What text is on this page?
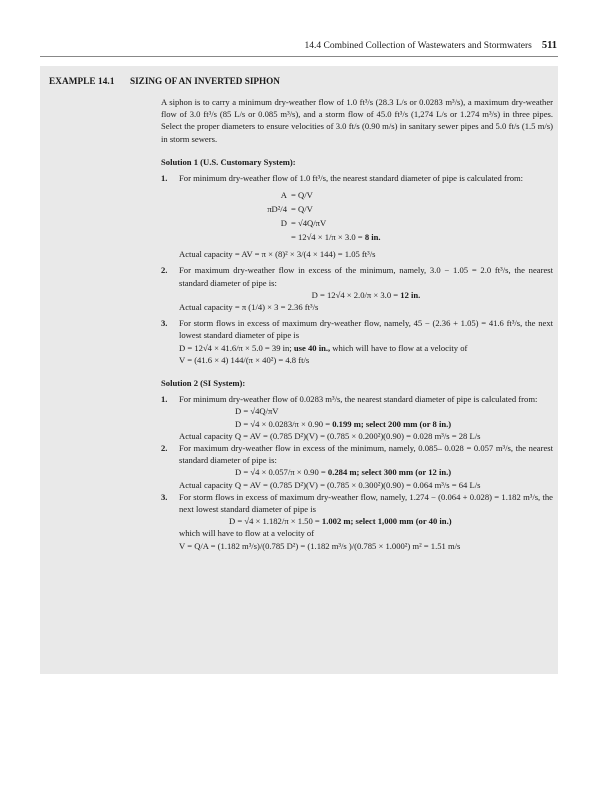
14.4 Combined Collection of Wastewaters and Stormwaters 511
EXAMPLE 14.1 SIZING OF AN INVERTED SIPHON

A siphon is to carry a minimum dry-weather flow of 1.0 ft³/s (28.3 L/s or 0.0283 m³/s), a maximum dry-weather flow of 3.0 ft³/s (85 L/s or 0.085 m³/s), and a storm flow of 45.0 ft³/s (1,274 L/s or 1.274 m³/s) in three pipes. Select the proper diameters to ensure velocities of 3.0 ft/s (0.90 m/s) in sanitary sewer pipes and 5.0 ft/s (1.5 m/s) in storm sewers.

Solution 1 (U.S. Customary System):

1. For minimum dry-weather flow of 1.0 ft³/s, the nearest standard diameter of pipe is calculated from:

A = Q/V
πD²/4 = Q/V
D = √4Q/πV
= 12√4 × 1/π × 3.0 = 8 in.

Actual capacity = AV = π × (8)² × 3/(4 × 144) = 1.05 ft³/s

2. For maximum dry-weather flow in excess of the minimum, namely, 3.0 − 1.05 = 2.0 ft³/s, the nearest standard diameter of pipe is:

D = 12√4 × 2.0/π × 3.0 = 12 in.

Actual capacity = π (1/4) × 3 = 2.36 ft³/s

3. For storm flows in excess of maximum dry-weather flow, namely, 45 − (2.36 + 1.05) = 41.6 ft³/s, the next lowest standard diameter of pipe is

D = 12√4 × 41.6/π × 5.0 = 39 in; use 40 in., which will have to flow at a velocity of

V = (41.6 × 4) 144/(π × 40²) = 4.8 ft/s

Solution 2 (SI System):

1. For minimum dry-weather flow of 0.0283 m³/s, the nearest standard diameter of pipe is calculated from:

D = √4Q/πV

D = √4 × 0.0283/π × 0.90 = 0.199 m; select 200 mm (or 8 in.)

Actual capacity Q = AV = (0.785 D²)(V) = (0.785 × 0.200²)(0.90) = 0.028 m³/s = 28 L/s

2. For maximum dry-weather flow in excess of the minimum, namely, 0.085– 0.028 = 0.057 m³/s, the nearest standard diameter of pipe is:

D = √4 × 0.057/π × 0.90 = 0.284 m; select 300 mm (or 12 in.)

Actual capacity Q = AV = (0.785 D²)(V) = (0.785 × 0.300²)(0.90) = 0.064 m³/s = 64 L/s

3. For storm flows in excess of maximum dry-weather flow, namely, 1.274 − (0.064 + 0.028) = 1.182 m³/s, the next lowest standard diameter of pipe is

D = √4 × 1.182/π × 1.50 = 1.002 m; select 1,000 mm (or 40 in.)

which will have to flow at a velocity of

V = Q/A = (1.182 m³/s)/(0.785 D²) = (1.182 m³/s )/(0.785 × 1.000²) m² = 1.51 m/s
